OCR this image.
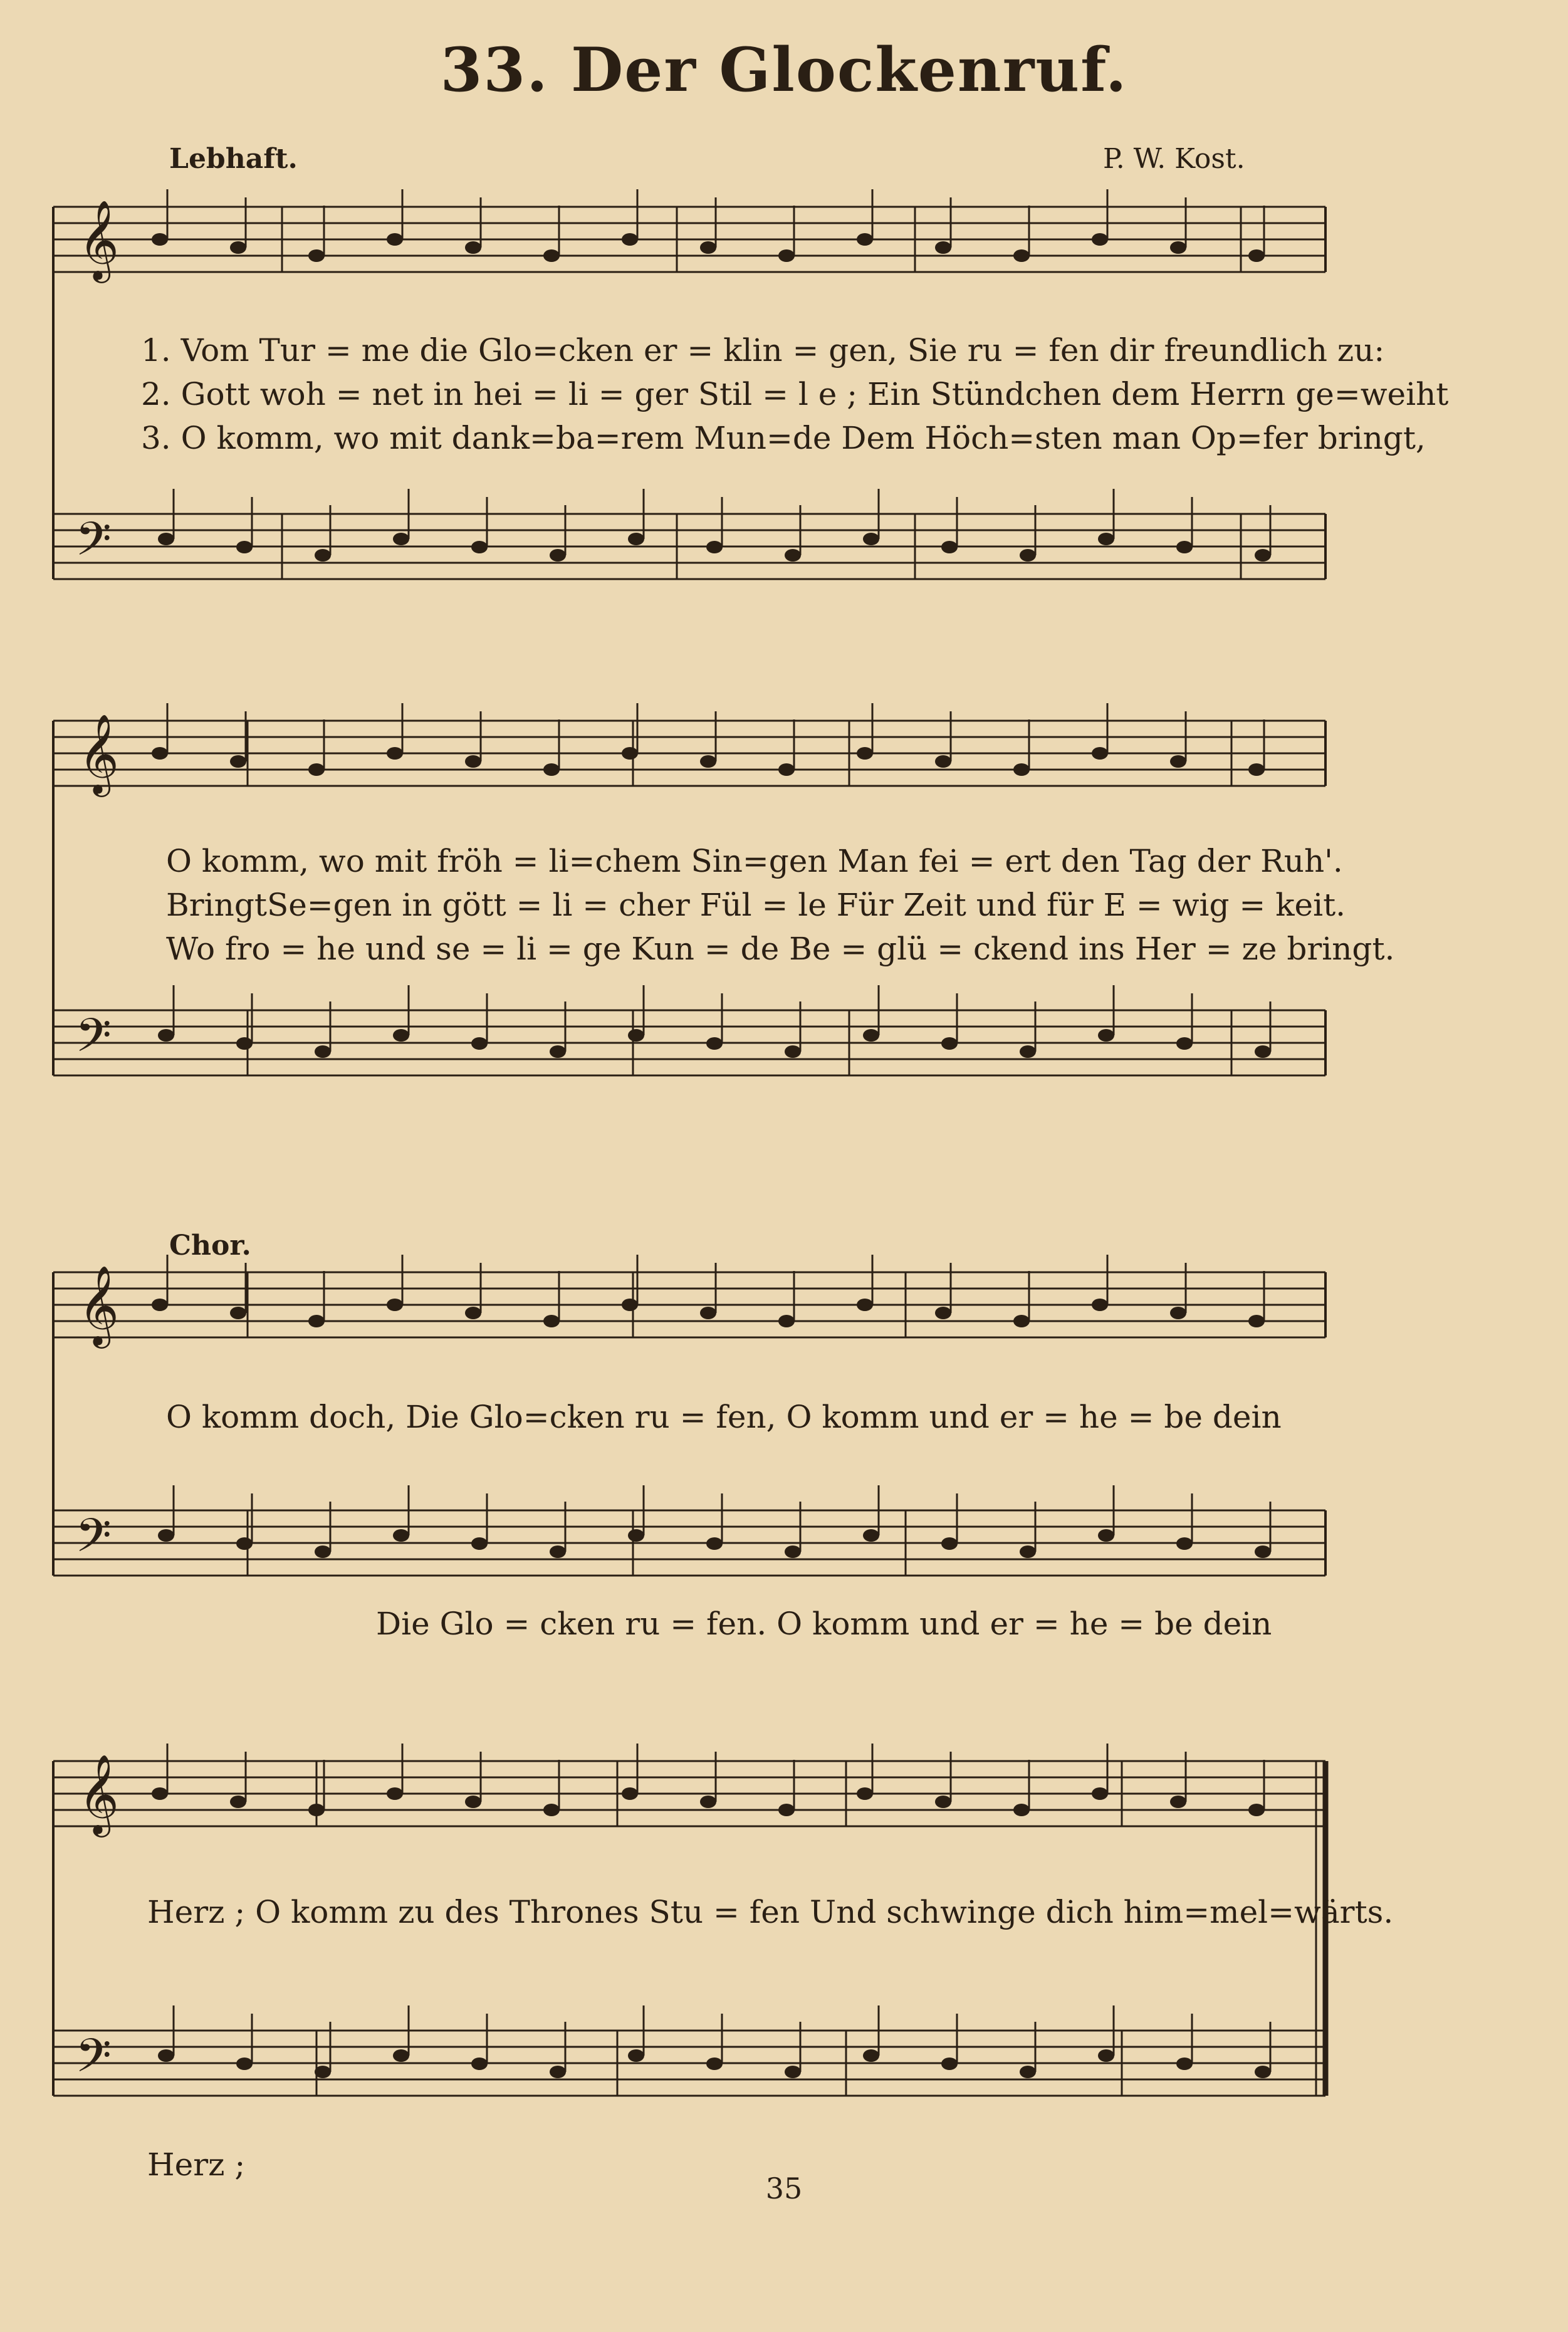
33. Der Glockenruf.
Lebhaft.	P. W. Kost.
𝄞
𝄢
𝄞
𝄢
𝄞
𝄢
𝄞
𝄢
1. Vom Tur = me die Glo=cken er = klin = gen, Sie ru = fen dir freundlich zu:
2. Gott woh = net in hei = li = ger Stil = l e ; Ein Stündchen dem Herrn ge=weiht
3. O komm, wo mit dank=ba=rem Mun=de Dem Höch=sten man Op=fer bringt,
O komm, wo mit fröh = li=chem Sin=gen Man fei = ert den Tag der Ruh'.
BringtSe=gen in gött = li = cher Fül = le Für Zeit und für E = wig = keit.
Wo fro = he und se = li = ge Kun = de Be = glü = ckend ins Her = ze bringt.
Chor.
O komm doch, Die Glo=cken ru = fen, O komm und er = he = be dein
Die Glo = cken ru = fen. O komm und er = he = be dein
Herz ; O komm zu des Thrones Stu = fen Und schwinge dich him=mel=wärts.
Herz ;
35
